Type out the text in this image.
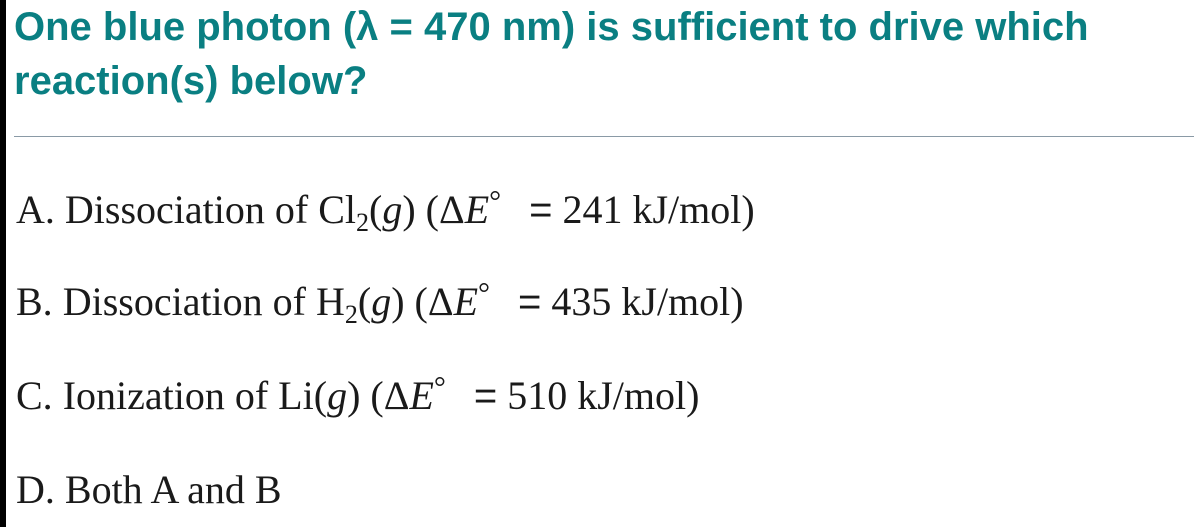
One blue photon (λ = 470 nm) is sufficient to drive which reaction(s) below?
A. Dissociation of $Cl_2(g) (\Delta E^\circ = 241$ kJ/mol)
B. Dissociation of $H_2(g) (\Delta E^\circ = 435$ kJ/mol)
C. Ionization of Li(g) (ΔE° = 510 kJ/mol)
D. Both A and B
